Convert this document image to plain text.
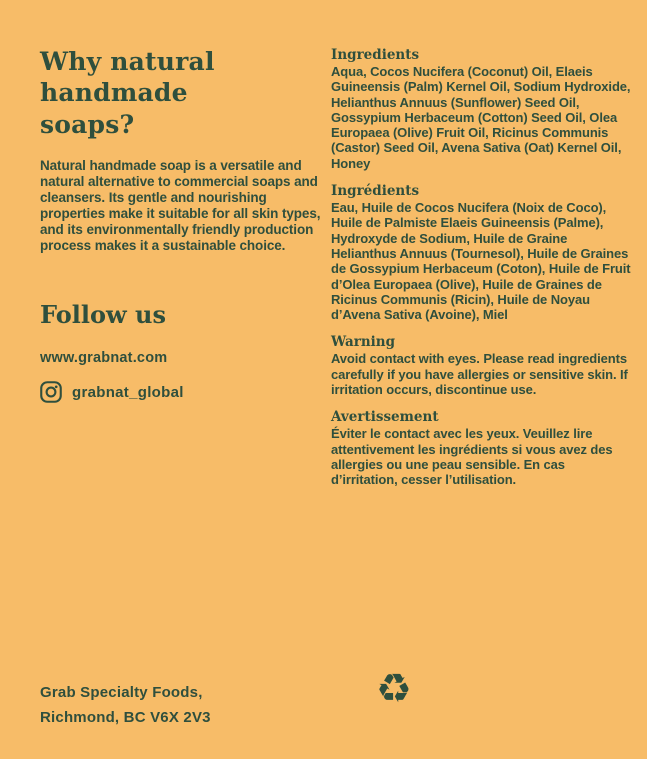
Why natural handmade soaps?

Natural handmade soap is a versatile and natural alternative to commercial soaps and cleansers. Its gentle and nourishing properties make it suitable for all skin types, and its environmentally friendly production process makes it a sustainable choice.

Follow us
www.grabnat.com
grabnat_global
Ingredients

Aqua, Cocos Nucifera (Coconut) Oil, Elaeis Guineensis (Palm) Kernel Oil, Sodium Hydroxide, Helianthus Annuus (Sunflower) Seed Oil, Gossypium Herbaceum (Cotton) Seed Oil, Olea Europaea (Olive) Fruit Oil, Ricinus Communis (Castor) Seed Oil, Avena Sativa (Oat) Kernel Oil, Honey

Ingrédients

Eau, Huile de Cocos Nucifera (Noix de Coco), Huile de Palmiste Elaeis Guineensis (Palme), Hydroxyde de Sodium, Huile de Graine Helianthus Annuus (Tournesol), Huile de Graines de Gossypium Herbaceum (Coton), Huile de Fruit d’Olea Europaea (Olive), Huile de Graines de Ricinus Communis (Ricin), Huile de Noyau d’Avena Sativa (Avoine), Miel

Warning

Avoid contact with eyes. Please read ingredients carefully if you have allergies or sensitive skin. If irritation occurs, discontinue use.

Avertissement

Éviter le contact avec les yeux. Veuillez lire attentivement les ingrédients si vous avez des allergies ou une peau sensible. En cas d’irritation, cesser l’utilisation.

Grab Specialty Foods,
Richmond, BC V6X 2V3
♻
